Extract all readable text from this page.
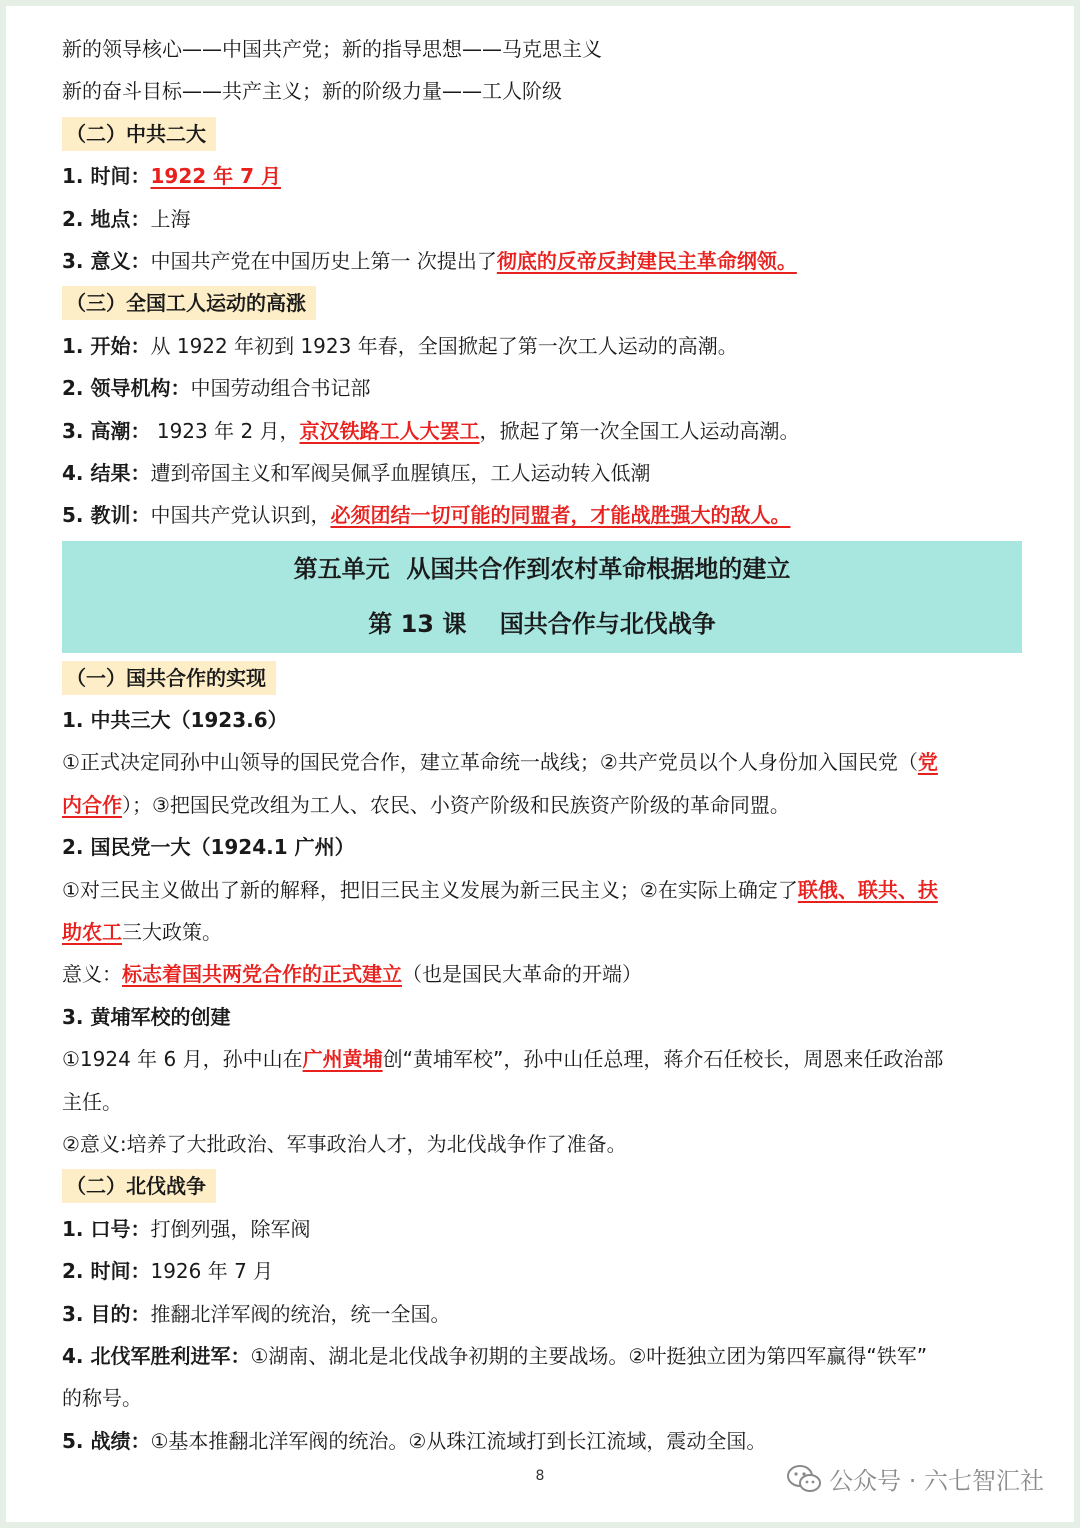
新的领导核心——中国共产党；新的指导思想——马克思主义
新的奋斗目标——共产主义；新的阶级力量——工人阶级
（二）中共二大
1. 时间：1922 年 7 月
2. 地点：上海
3. 意义：中国共产党在中国历史上第一 次提出了彻底的反帝反封建民主革命纲领。
（三）全国工人运动的高涨
1. 开始：从 1922 年初到 1923 年春，全国掀起了第一次工人运动的高潮。
2. 领导机构：中国劳动组合书记部
3. 高潮： 1923 年 2 月，京汉铁路工人大罢工，掀起了第一次全国工人运动高潮。
4. 结果：遭到帝国主义和军阀吴佩孚血腥镇压，工人运动转入低潮
5. 教训：中国共产党认识到，必须团结一切可能的同盟者，才能战胜强大的敌人。
第五单元  从国共合作到农村革命根据地的建立
第 13 课    国共合作与北伐战争
（一）国共合作的实现
1. 中共三大（1923.6）
①正式决定同孙中山领导的国民党合作，建立革命统一战线；②共产党员以个人身份加入国民党（党
内合作）；③把国民党改组为工人、农民、小资产阶级和民族资产阶级的革命同盟。
2. 国民党一大（1924.1 广州）
①对三民主义做出了新的解释，把旧三民主义发展为新三民主义；②在实际上确定了联俄、联共、扶
助农工三大政策。
意义：标志着国共两党合作的正式建立（也是国民大革命的开端）
3. 黄埔军校的创建
①1924 年 6 月，孙中山在广州黄埔创“黄埔军校”，孙中山任总理，蒋介石任校长，周恩来任政治部
主任。
②意义:培养了大批政治、军事政治人才，为北伐战争作了准备。
（二）北伐战争
1. 口号：打倒列强，除军阀
2. 时间：1926 年 7 月
3. 目的：推翻北洋军阀的统治，统一全国。
4. 北伐军胜利进军：①湖南、湖北是北伐战争初期的主要战场。②叶挺独立团为第四军赢得“铁军”
的称号。
5. 战绩：①基本推翻北洋军阀的统治。②从珠江流域打到长江流域，震动全国。
8	公众号 · 六七智汇社
